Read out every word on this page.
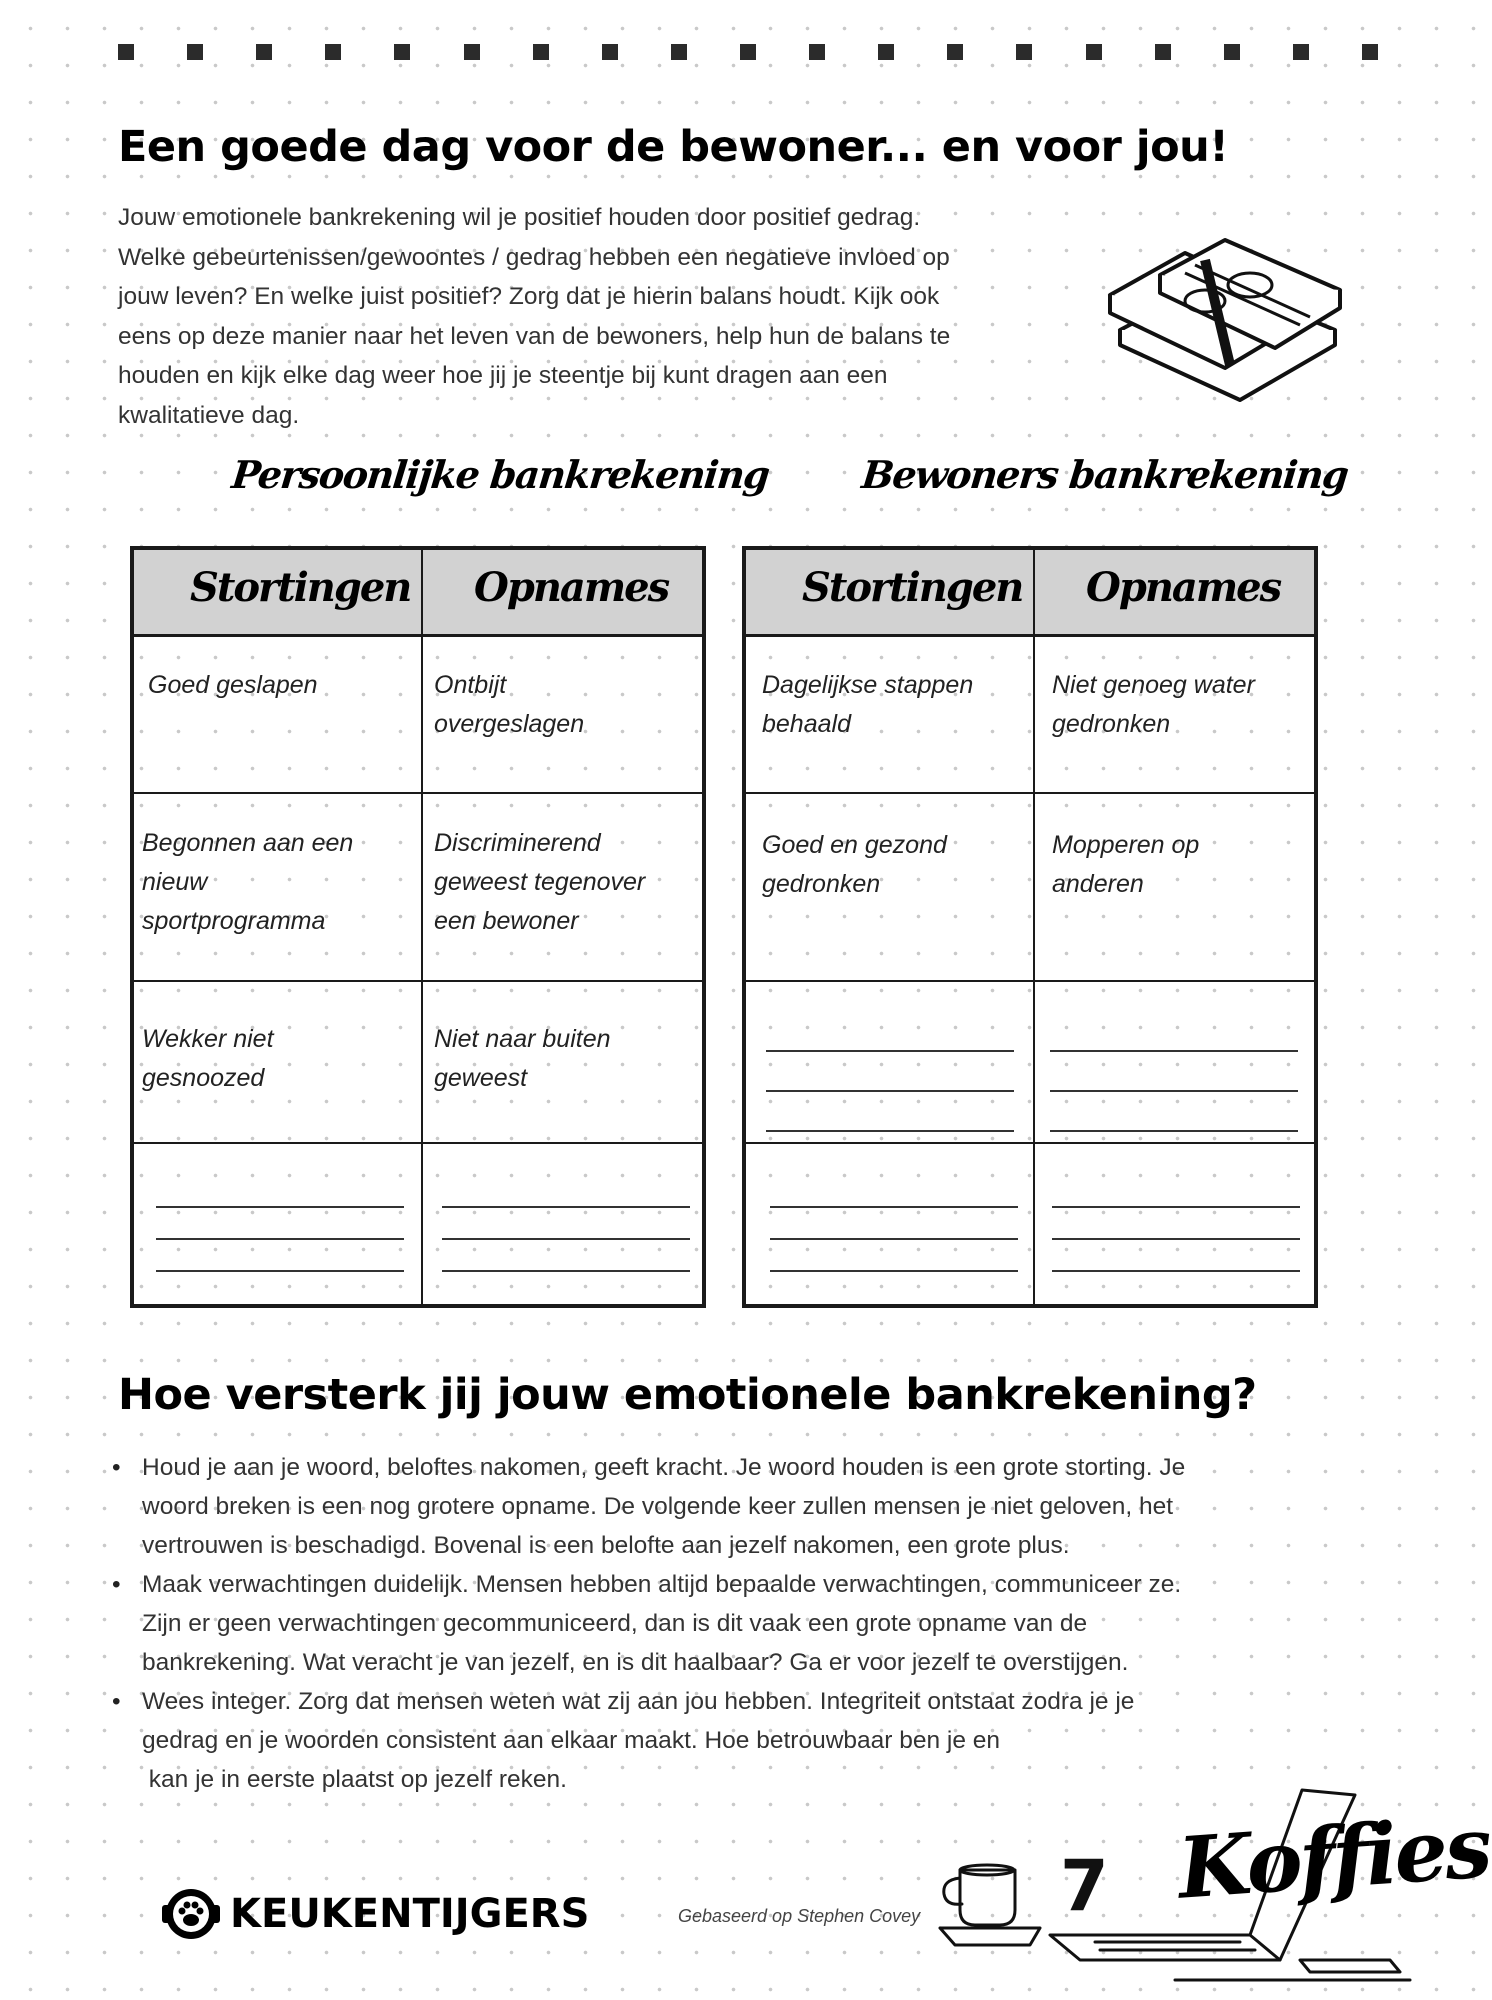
Een goede dag voor de bewoner... en voor jou!

Jouw emotionele bankrekening wil je positief houden door positief gedrag.
Welke gebeurtenissen/gewoontes / gedrag hebben een negatieve invloed op
jouw leven? En welke juist positief? Zorg dat je hierin balans houdt. Kijk ook
eens op deze manier naar het leven van de bewoners, help hun de balans te
houden en kijk elke dag weer hoe jij je steentje bij kunt dragen aan een
kwalitatieve dag.

Persoonlijke bankrekening
Stortingen Opnames
Goed geslapen	Ontbijt
overgeslagen
Begonnen aan een
nieuw
sportprogramma
Discriminerend
geweest tegenover
een bewoner
Wekker niet
gesnoozed
Niet naar buiten
geweest
Bewoners bankrekening
Stortingen Opnames
Dagelijkse stappen
behaald
Niet genoeg water
gedronken
Goed en gezond
gedronken
Mopperen op
anderen
Hoe versterk jij jouw emotionele bankrekening?
• Houd je aan je woord, beloftes nakomen, geeft kracht. Je woord houden is een grote storting. Je
woord breken is een nog grotere opname. De volgende keer zullen mensen je niet geloven, het
vertrouwen is beschadigd. Bovenal is een belofte aan jezelf nakomen, een grote plus.
• Maak verwachtingen duidelijk. Mensen hebben altijd bepaalde verwachtingen, communiceer ze.
Zijn er geen verwachtingen gecommuniceerd, dan is dit vaak een grote opname van de
bankrekening. Wat veracht je van jezelf, en is dit haalbaar? Ga er voor jezelf te overstijgen.
• Wees integer. Zorg dat mensen weten wat zij aan jou hebben. Integriteit ontstaat zodra je je
gedrag en je woorden consistent aan elkaar maakt. Hoe betrouwbaar ben je en
kan je in eerste plaatst op jezelf reken.
KEUKENTIJGERS	Gebaseerd op Stephen Covey 7 Koffies
